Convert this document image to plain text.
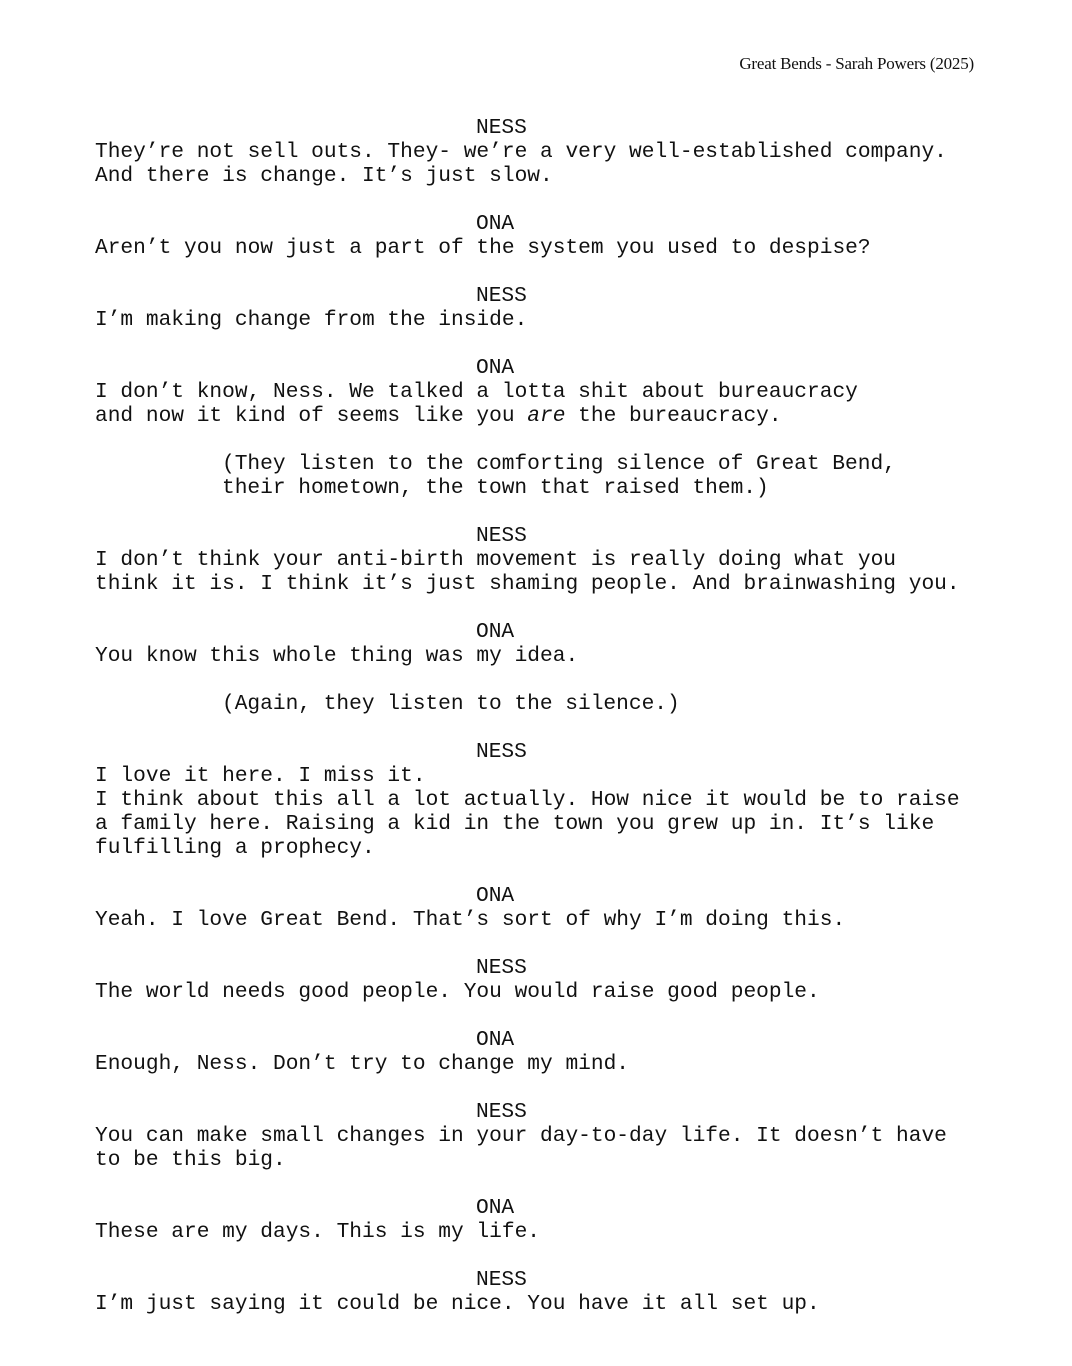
Great Bends - Sarah Powers (2025)
NESS
They’re not sell outs. They- we’re a very well-established company.
And there is change. It’s just slow.
ONA
Aren’t you now just a part of the system you used to despise?
NESS
I’m making change from the inside.
ONA
I don’t know, Ness. We talked a lotta shit about bureaucracy
and now it kind of seems like you are the bureaucracy.
(They listen to the comforting silence of Great Bend,
their hometown, the town that raised them.)
NESS
I don’t think your anti-birth movement is really doing what you
think it is. I think it’s just shaming people. And brainwashing you.
ONA
You know this whole thing was my idea.
(Again, they listen to the silence.)
NESS
I love it here. I miss it.
I think about this all a lot actually. How nice it would be to raise
a family here. Raising a kid in the town you grew up in. It’s like
fulfilling a prophecy.
ONA
Yeah. I love Great Bend. That’s sort of why I’m doing this.
NESS
The world needs good people. You would raise good people.
ONA
Enough, Ness. Don’t try to change my mind.
NESS
You can make small changes in your day-to-day life. It doesn’t have
to be this big.
ONA
These are my days. This is my life.
NESS
I’m just saying it could be nice. You have it all set up.
